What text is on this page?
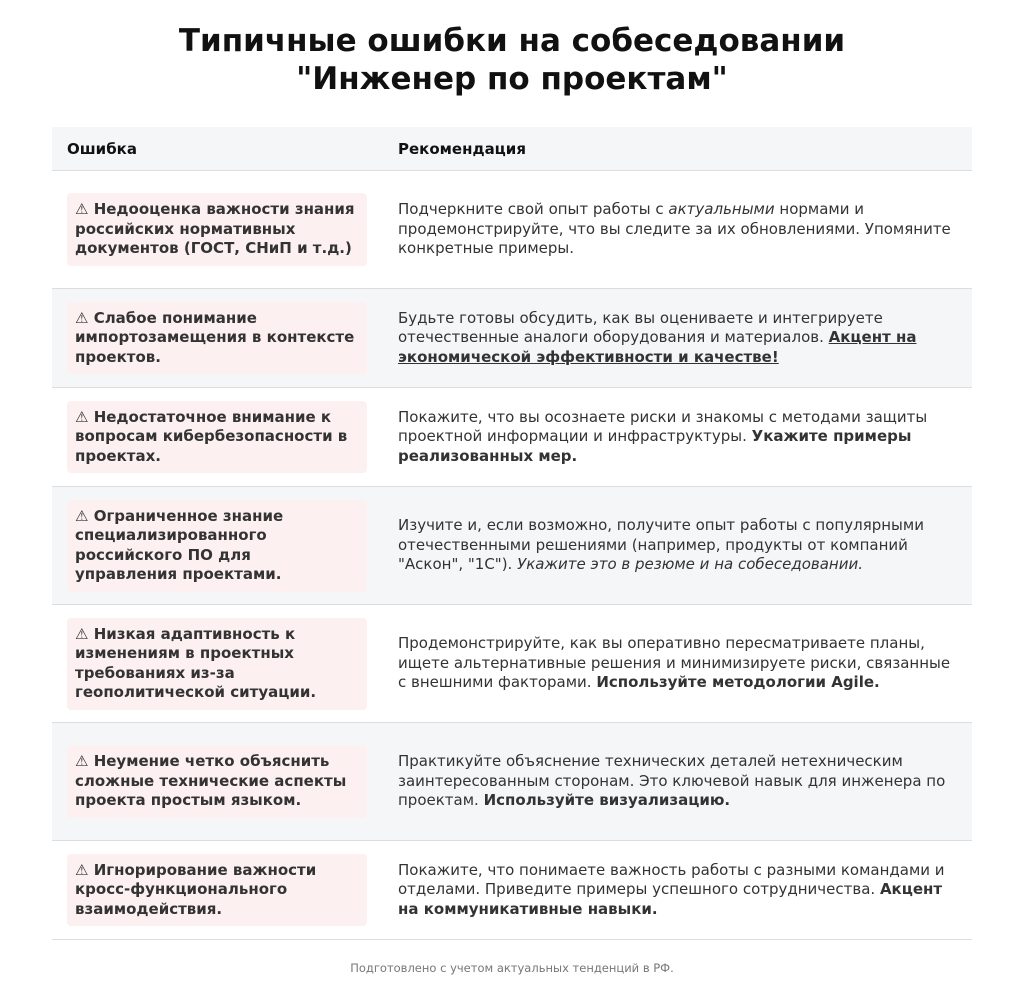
Типичные ошибки на собеседовании
"Инженер по проектам"
Ошибка	Рекомендация
⚠ Недооценка важности знания российских нормативных документов (ГОСТ, СНиП и т.д.)
Подчеркните свой опыт работы с актуальными нормами и продемонстрируйте, что вы следите за их обновлениями. Упомяните конкретные примеры.
⚠ Слабое понимание импортозамещения в контексте проектов.
Будьте готовы обсудить, как вы оцениваете и интегрируете отечественные аналоги оборудования и материалов. Акцент на экономической эффективности и качестве!
⚠ Недостаточное внимание к вопросам кибербезопасности в проектах.
Покажите, что вы осознаете риски и знакомы с методами защиты проектной информации и инфраструктуры. Укажите примеры реализованных мер.
⚠ Ограниченное знание специализированного российского ПО для управления проектами.
Изучите и, если возможно, получите опыт работы с популярными отечественными решениями (например, продукты от компаний "Аскон", "1С"). Укажите это в резюме и на собеседовании.
⚠ Низкая адаптивность к изменениям в проектных требованиях из-за геополитической ситуации.
Продемонстрируйте, как вы оперативно пересматриваете планы, ищете альтернативные решения и минимизируете риски, связанные с внешними факторами. Используйте методологии Agile.
⚠ Неумение четко объяснить сложные технические аспекты проекта простым языком.
Практикуйте объяснение технических деталей нетехническим заинтересованным сторонам. Это ключевой навык для инженера по проектам. Используйте визуализацию.
⚠ Игнорирование важности кросс-функционального взаимодействия.
Покажите, что понимаете важность работы с разными командами и отделами. Приведите примеры успешного сотрудничества. Акцент на коммуникативные навыки.
Подготовлено с учетом актуальных тенденций в РФ.
